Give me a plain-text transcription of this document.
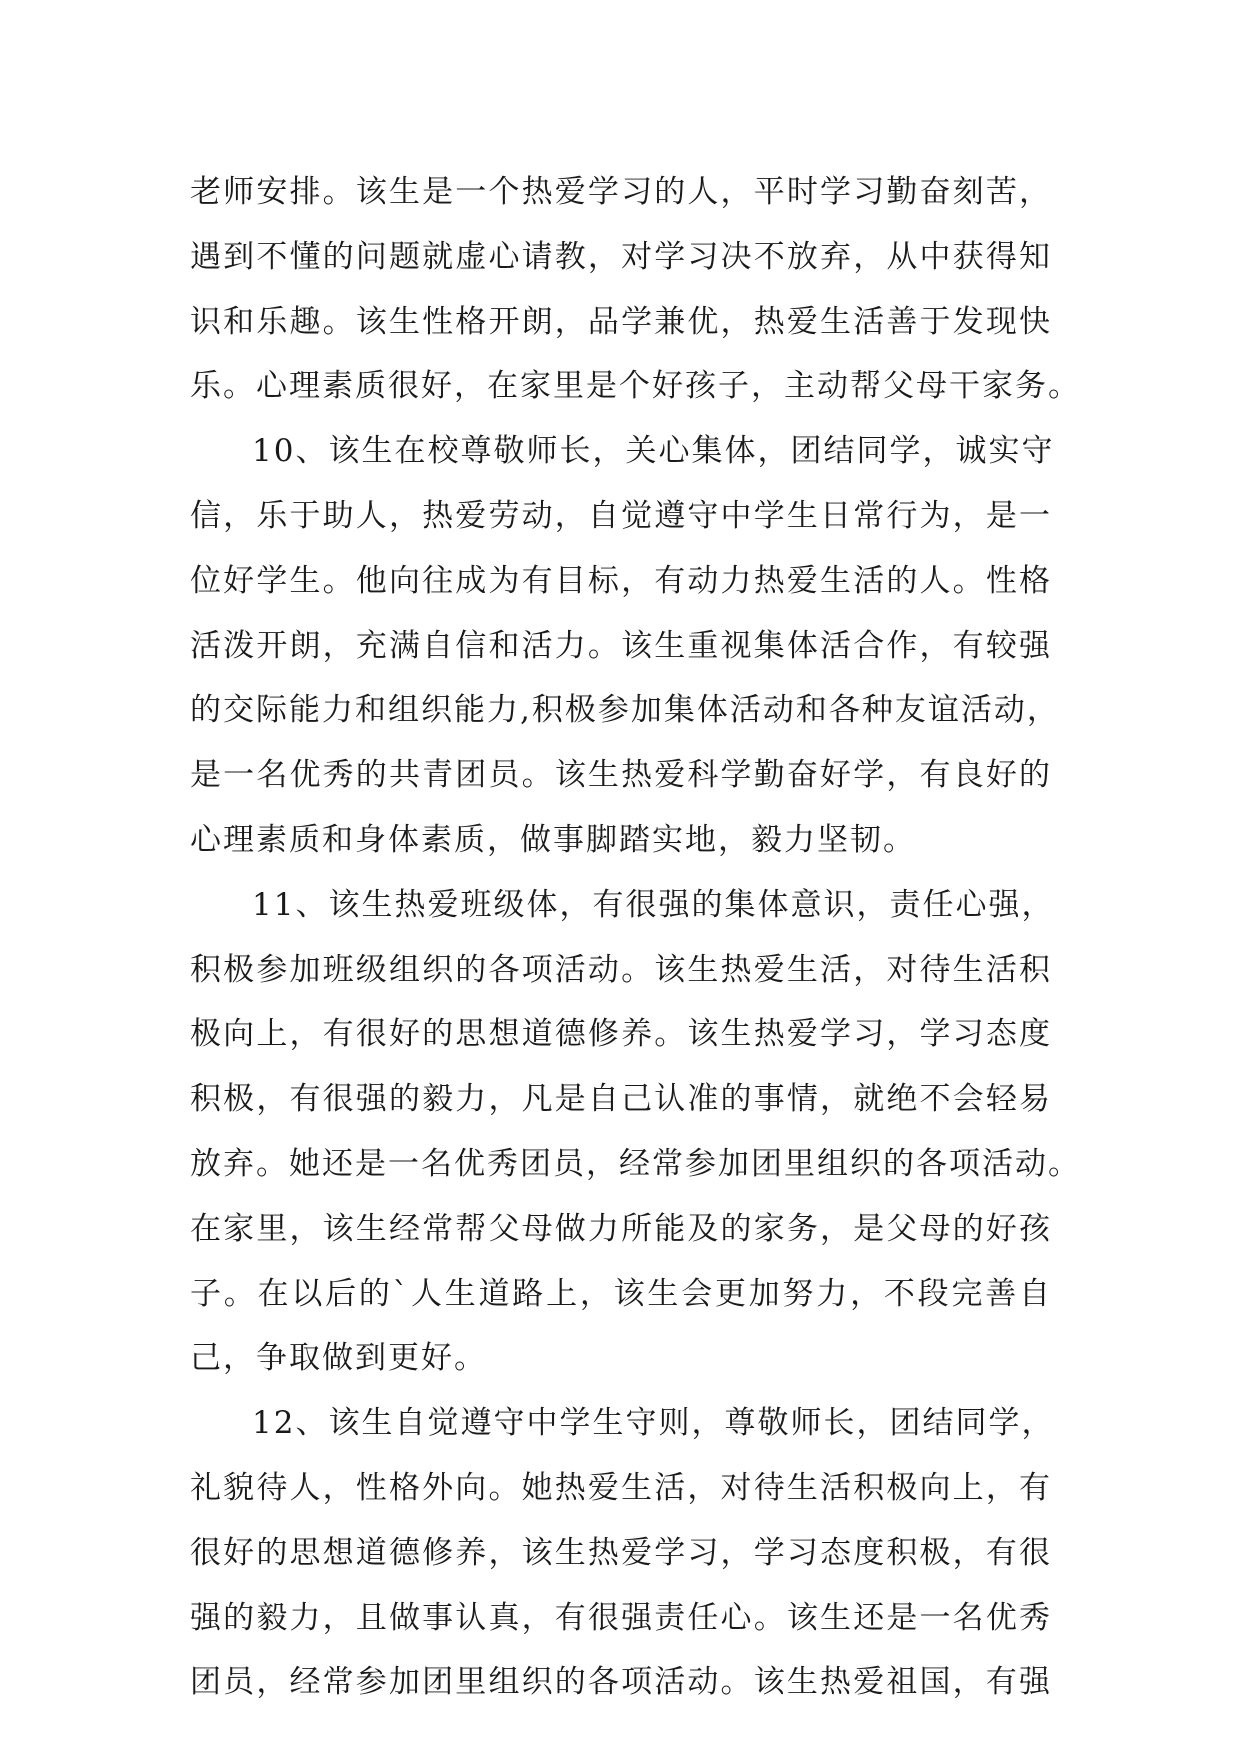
老师安排。该生是一个热爱学习的人，平时学习勤奋刻苦，
遇到不懂的问题就虚心请教，对学习决不放弃，从中获得知
识和乐趣。该生性格开朗，品学兼优，热爱生活善于发现快
乐。心理素质很好，在家里是个好孩子，主动帮父母干家务。
10、该生在校尊敬师长，关心集体，团结同学，诚实守
信，乐于助人，热爱劳动，自觉遵守中学生日常行为，是一
位好学生。他向往成为有目标，有动力热爱生活的人。性格
活泼开朗，充满自信和活力。该生重视集体活合作，有较强
的交际能力和组织能力,积极参加集体活动和各种友谊活动，
是一名优秀的共青团员。该生热爱科学勤奋好学，有良好的
心理素质和身体素质，做事脚踏实地，毅力坚韧。
11、该生热爱班级体，有很强的集体意识，责任心强，
积极参加班级组织的各项活动。该生热爱生活，对待生活积
极向上，有很好的思想道德修养。该生热爱学习，学习态度
积极，有很强的毅力，凡是自己认准的事情，就绝不会轻易
放弃。她还是一名优秀团员，经常参加团里组织的各项活动。
在家里，该生经常帮父母做力所能及的家务，是父母的好孩
子。在以后的`人生道路上，该生会更加努力，不段完善自
己，争取做到更好。
12、该生自觉遵守中学生守则，尊敬师长，团结同学，
礼貌待人，性格外向。她热爱生活，对待生活积极向上，有
很好的思想道德修养，该生热爱学习，学习态度积极，有很
强的毅力，且做事认真，有很强责任心。该生还是一名优秀
团员，经常参加团里组织的各项活动。该生热爱祖国，有强
